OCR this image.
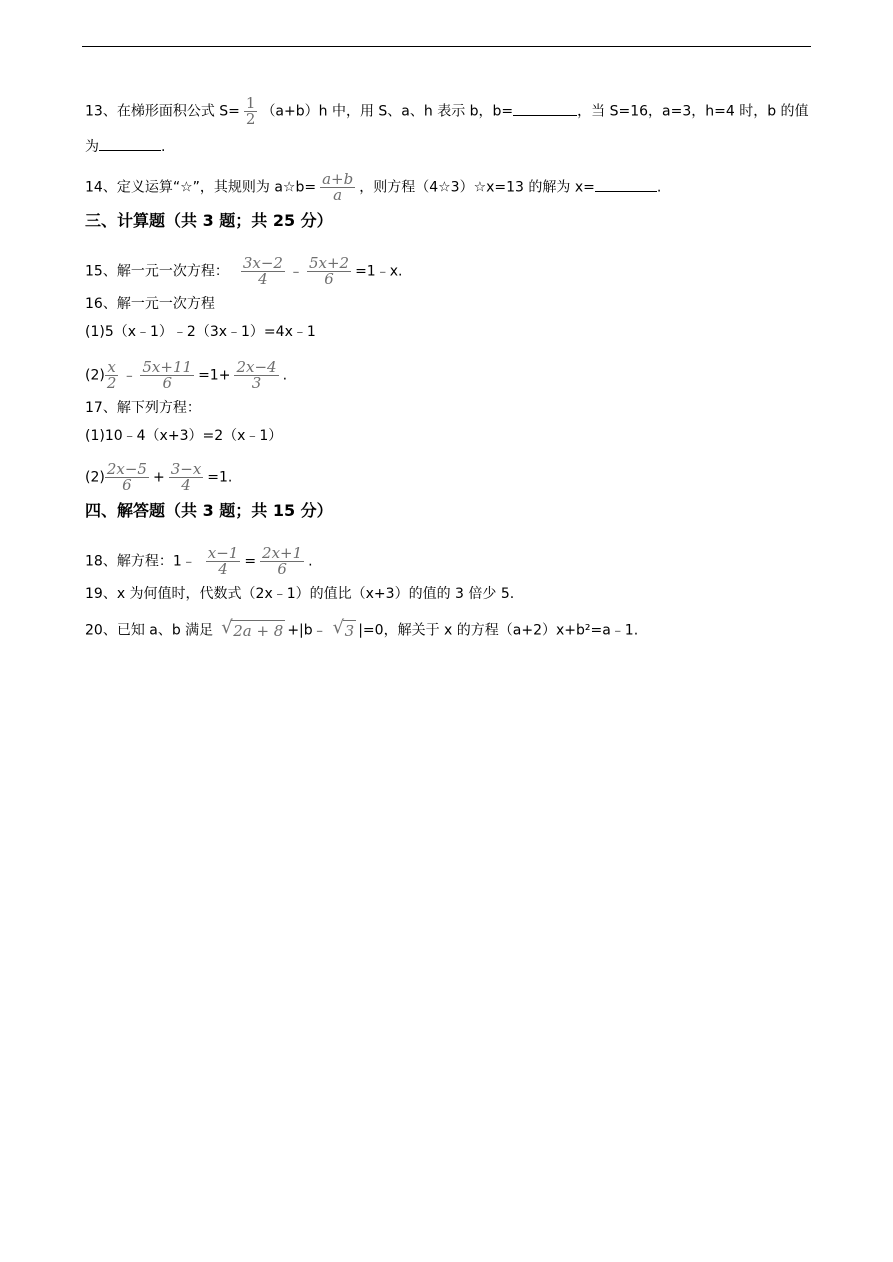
13、在梯形面积公式 $S= \frac{1}{2} (a+b)h$ 中，用 S、a、h 表示 b，b=	，当 S=16，a=3，h=4 时，b 的值
为	.
14、定义运算“☆”，其规则为 a☆b= $\frac{a+b}{a}$ ，则方程（4☆3）☆x=13 的解为 x=	.
三、计算题（共 3 题；共 25 分）
15、解一元一次方程： $\frac{3x-2}{4}$ ﹣ $\frac{5x+2}{6}$ =1﹣x.
16、解一元一次方程
(1)5（x﹣1）﹣2（3x﹣1）=4x﹣1
$(2) \frac{x}{2}$ ﹣ $\frac{5x+11}{6} =1+ \frac{2x-4}{3}$ .
17、解下列方程：
(1)10﹣4（x+3）=2（x﹣1）
$(2) \frac{2x-5}{6} + \frac{3-x}{4} =1$.
四、解答题（共 3 题；共 15 分）
18、解方程：1﹣ $\frac{x-1}{4} = \frac{2x+1}{6}$ .
19、x 为何值时，代数式（2x﹣1）的值比（x+3）的值的 3 倍少 5.
20、已知 a、b 满足 √ 2a + 8 +|b﹣ √ 3 |=0，解关于 x 的方程（a+2）x+b²=a﹣1.
